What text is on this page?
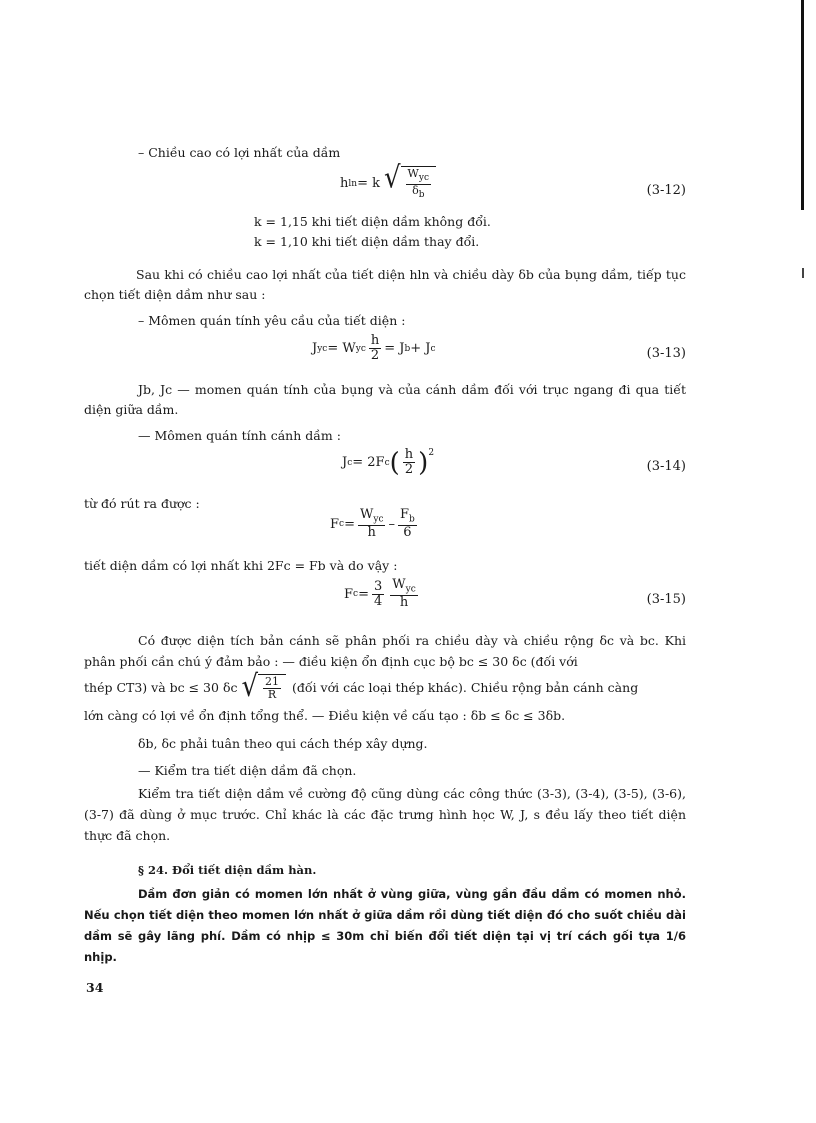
– Chiều cao có lợi nhất của dầm
h ln = k √ $\frac{W_{yc}}{\delta_b}$	(3-12)
k = 1,15 khi tiết diện dầm không đổi.
k = 1,10 khi tiết diện dầm thay đổi.
Sau khi có chiều cao lợi nhất của tiết diện hln và chiều dày δb của bụng dầm, tiếp tục chọn tiết diện dầm như sau :
– Mômen quán tính yêu cầu của tiết diện :
J yc = W yc $\frac{h}{2} = J$ b + J c	(3-13)
Jb, Jc — momen quán tính của bụng và của cánh dầm đối với trục ngang đi qua tiết diện giữa dầm.
— Mômen quán tính cánh dầm :
J c = 2F c ( $\frac{h}{2} )^2$
(3-14)
từ đó rút ra được :
F $c = \frac{W_{yc}}{h} - \frac{F_b}{6}$
tiết diện dầm có lợi nhất khi 2Fc = Fb và do vậy :
F $c = \frac{3}{4} \frac{W_{yc}}{h}$	(3-15)
Có được diện tích bản cánh sẽ phân phối ra chiều dày và chiều rộng δc và bc. Khi phân phối cần chú ý đảm bảo : — điều kiện ổn định cục bộ bc ≤ 30 δc (đối với
thép CT3) và bc ≤ 30 δc √ $\frac{21}{R}$ (đối với các loại thép khác). Chiều rộng bản cánh càng
lớn càng có lợi về ổn định tổng thể. — Điều kiện về cấu tạo : δb ≤ δc ≤ 3δb.
δb, δc phải tuân theo qui cách thép xây dựng.
— Kiểm tra tiết diện dầm đã chọn.
Kiểm tra tiết diện dầm về cường độ cũng dùng các công thức (3-3), (3-4), (3-5), (3-6), (3-7) đã dùng ở mục trước. Chỉ khác là các đặc trưng hình học W, J, s đều lấy theo tiết diện thực đã chọn.
§ 24. Đổi tiết diện dầm hàn.
Dầm đơn giản có momen lớn nhất ở vùng giữa, vùng gần đầu dầm có momen nhỏ. Nếu chọn tiết diện theo momen lớn nhất ở giữa dầm rồi dùng tiết diện đó cho suốt chiều dài dầm sẽ gây lãng phí. Dầm có nhịp ≤ 30m chỉ biến đổi tiết diện tại vị trí cách gối tựa 1/6 nhịp.
34
